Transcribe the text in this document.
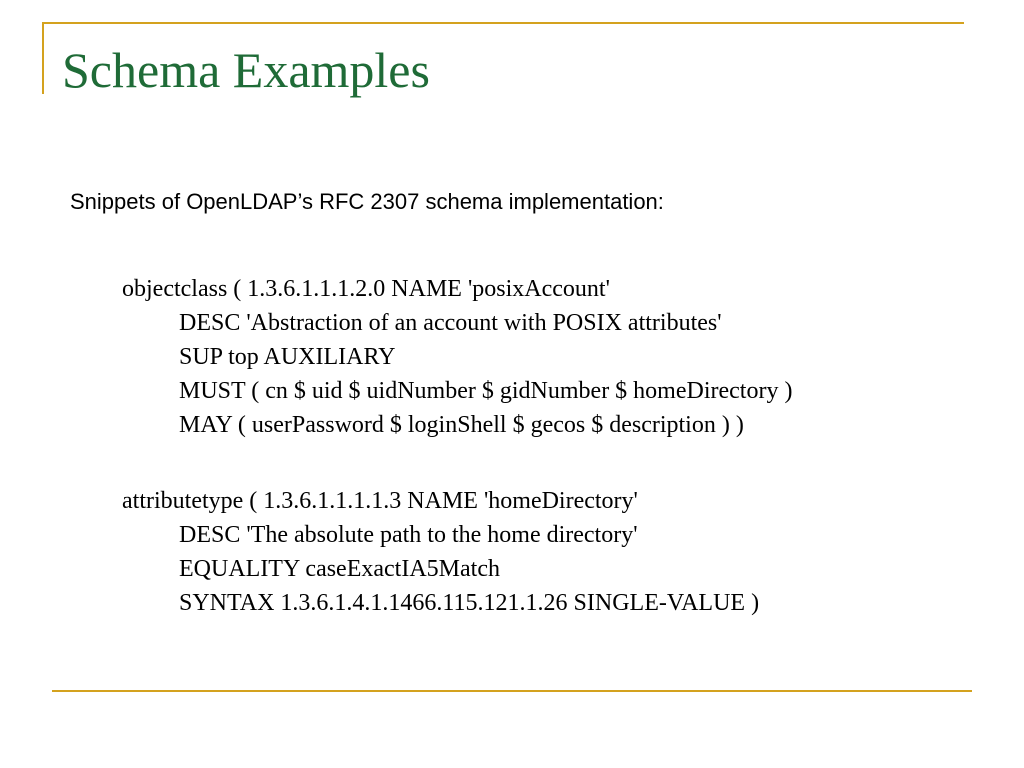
Schema Examples
Snippets of OpenLDAP’s RFC 2307 schema implementation:
objectclass ( 1.3.6.1.1.1.2.0 NAME 'posixAccount'
DESC 'Abstraction of an account with POSIX attributes'
SUP top AUXILIARY
MUST ( cn $ uid $ uidNumber $ gidNumber $ homeDirectory )
MAY ( userPassword $ loginShell $ gecos $ description ) )
attributetype ( 1.3.6.1.1.1.1.3 NAME 'homeDirectory'
DESC 'The absolute path to the home directory'
EQUALITY caseExactIA5Match
SYNTAX 1.3.6.1.4.1.1466.115.121.1.26 SINGLE-VALUE )
